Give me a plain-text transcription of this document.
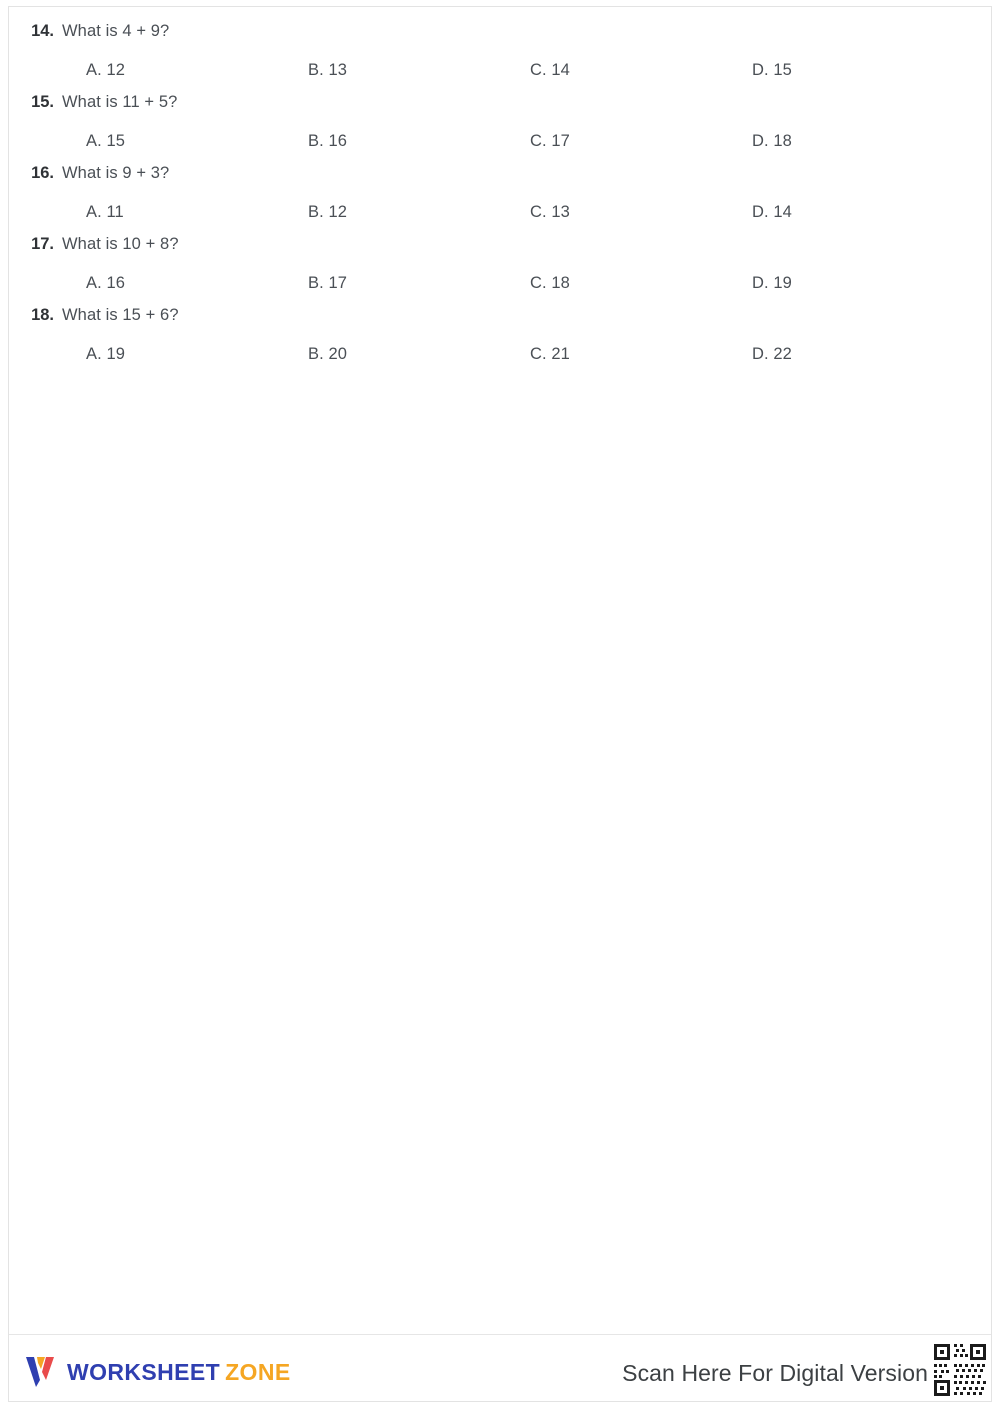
14. What is 4 + 9?
A. 12	B. 13	C. 14	D. 15
15. What is 11 + 5?
A. 15	B. 16	C. 17	D. 18
16. What is 9 + 3?
A. 11	B. 12	C. 13	D. 14
17. What is 10 + 8?
A. 16	B. 17	C. 18	D. 19
18. What is 15 + 6?
A. 19	B. 20	C. 21	D. 22
WORKSHEET ZONE	Scan Here For Digital Version
